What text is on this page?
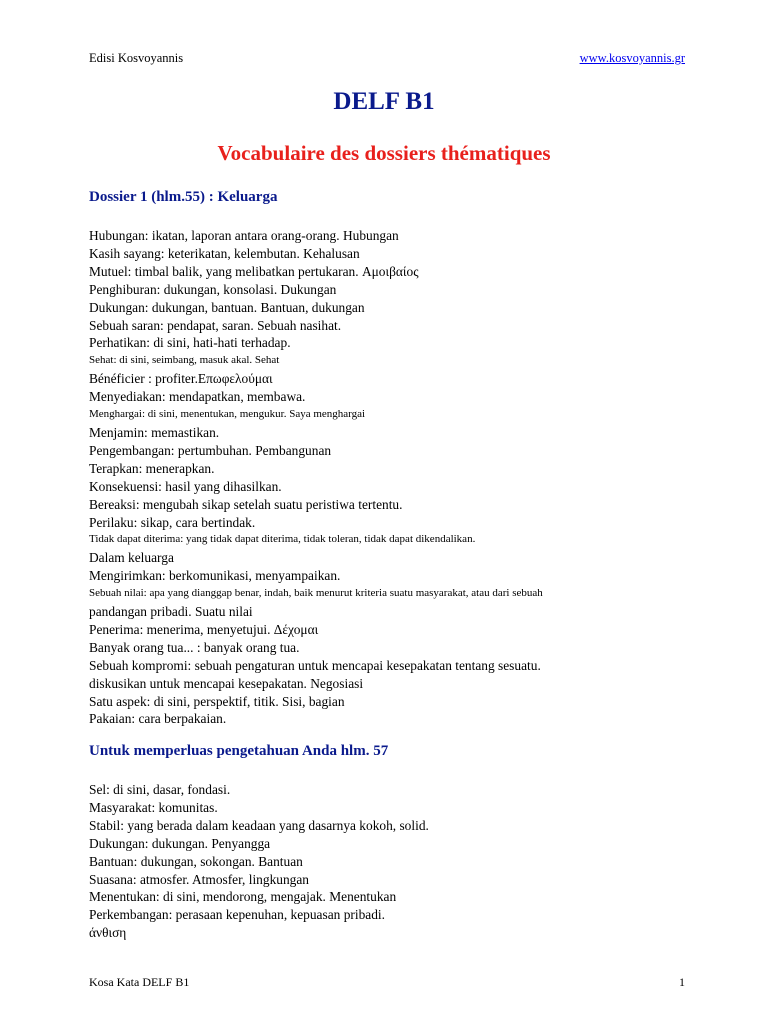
Edisi Kosvoyannis	www.kosvoyannis.gr
DELF B1
Vocabulaire des dossiers thématiques
Dossier 1 (hlm.55) : Keluarga
Hubungan: ikatan, laporan antara orang-orang. Hubungan
Kasih sayang: keterikatan, kelembutan. Kehalusan
Mutuel: timbal balik, yang melibatkan pertukaran. Αμοιβαίος
Penghiburan: dukungan, konsolasi. Dukungan
Dukungan: dukungan, bantuan. Bantuan, dukungan
Sebuah saran: pendapat, saran. Sebuah nasihat.
Perhatikan: di sini, hati-hati terhadap.
Sehat: di sini, seimbang, masuk akal. Sehat
Bénéficier : profiter.Επωφελούμαι
Menyediakan: mendapatkan, membawa.
Menghargai: di sini, menentukan, mengukur. Saya menghargai
Menjamin: memastikan.
Pengembangan: pertumbuhan. Pembangunan
Terapkan: menerapkan.
Konsekuensi: hasil yang dihasilkan.
Bereaksi: mengubah sikap setelah suatu peristiwa tertentu.
Perilaku: sikap, cara bertindak.
Tidak dapat diterima: yang tidak dapat diterima, tidak toleran, tidak dapat dikendalikan.
Dalam keluarga
Mengirimkan: berkomunikasi, menyampaikan.
Sebuah nilai: apa yang dianggap benar, indah, baik menurut kriteria suatu masyarakat, atau dari sebuah
pandangan pribadi. Suatu nilai
Penerima: menerima, menyetujui. Δέχομαι
Banyak orang tua... : banyak orang tua.
Sebuah kompromi: sebuah pengaturan untuk mencapai kesepakatan tentang sesuatu.
diskusikan untuk mencapai kesepakatan. Negosiasi
Satu aspek: di sini, perspektif, titik. Sisi, bagian
Pakaian: cara berpakaian.
Untuk memperluas pengetahuan Anda hlm. 57
Sel: di sini, dasar, fondasi.
Masyarakat: komunitas.
Stabil: yang berada dalam keadaan yang dasarnya kokoh, solid.
Dukungan: dukungan. Penyangga
Bantuan: dukungan, sokongan. Bantuan
Suasana: atmosfer. Atmosfer, lingkungan
Menentukan: di sini, mendorong, mengajak. Menentukan
Perkembangan: perasaan kepenuhan, kepuasan pribadi.
άνθιση
Kosa Kata DELF B1	1
